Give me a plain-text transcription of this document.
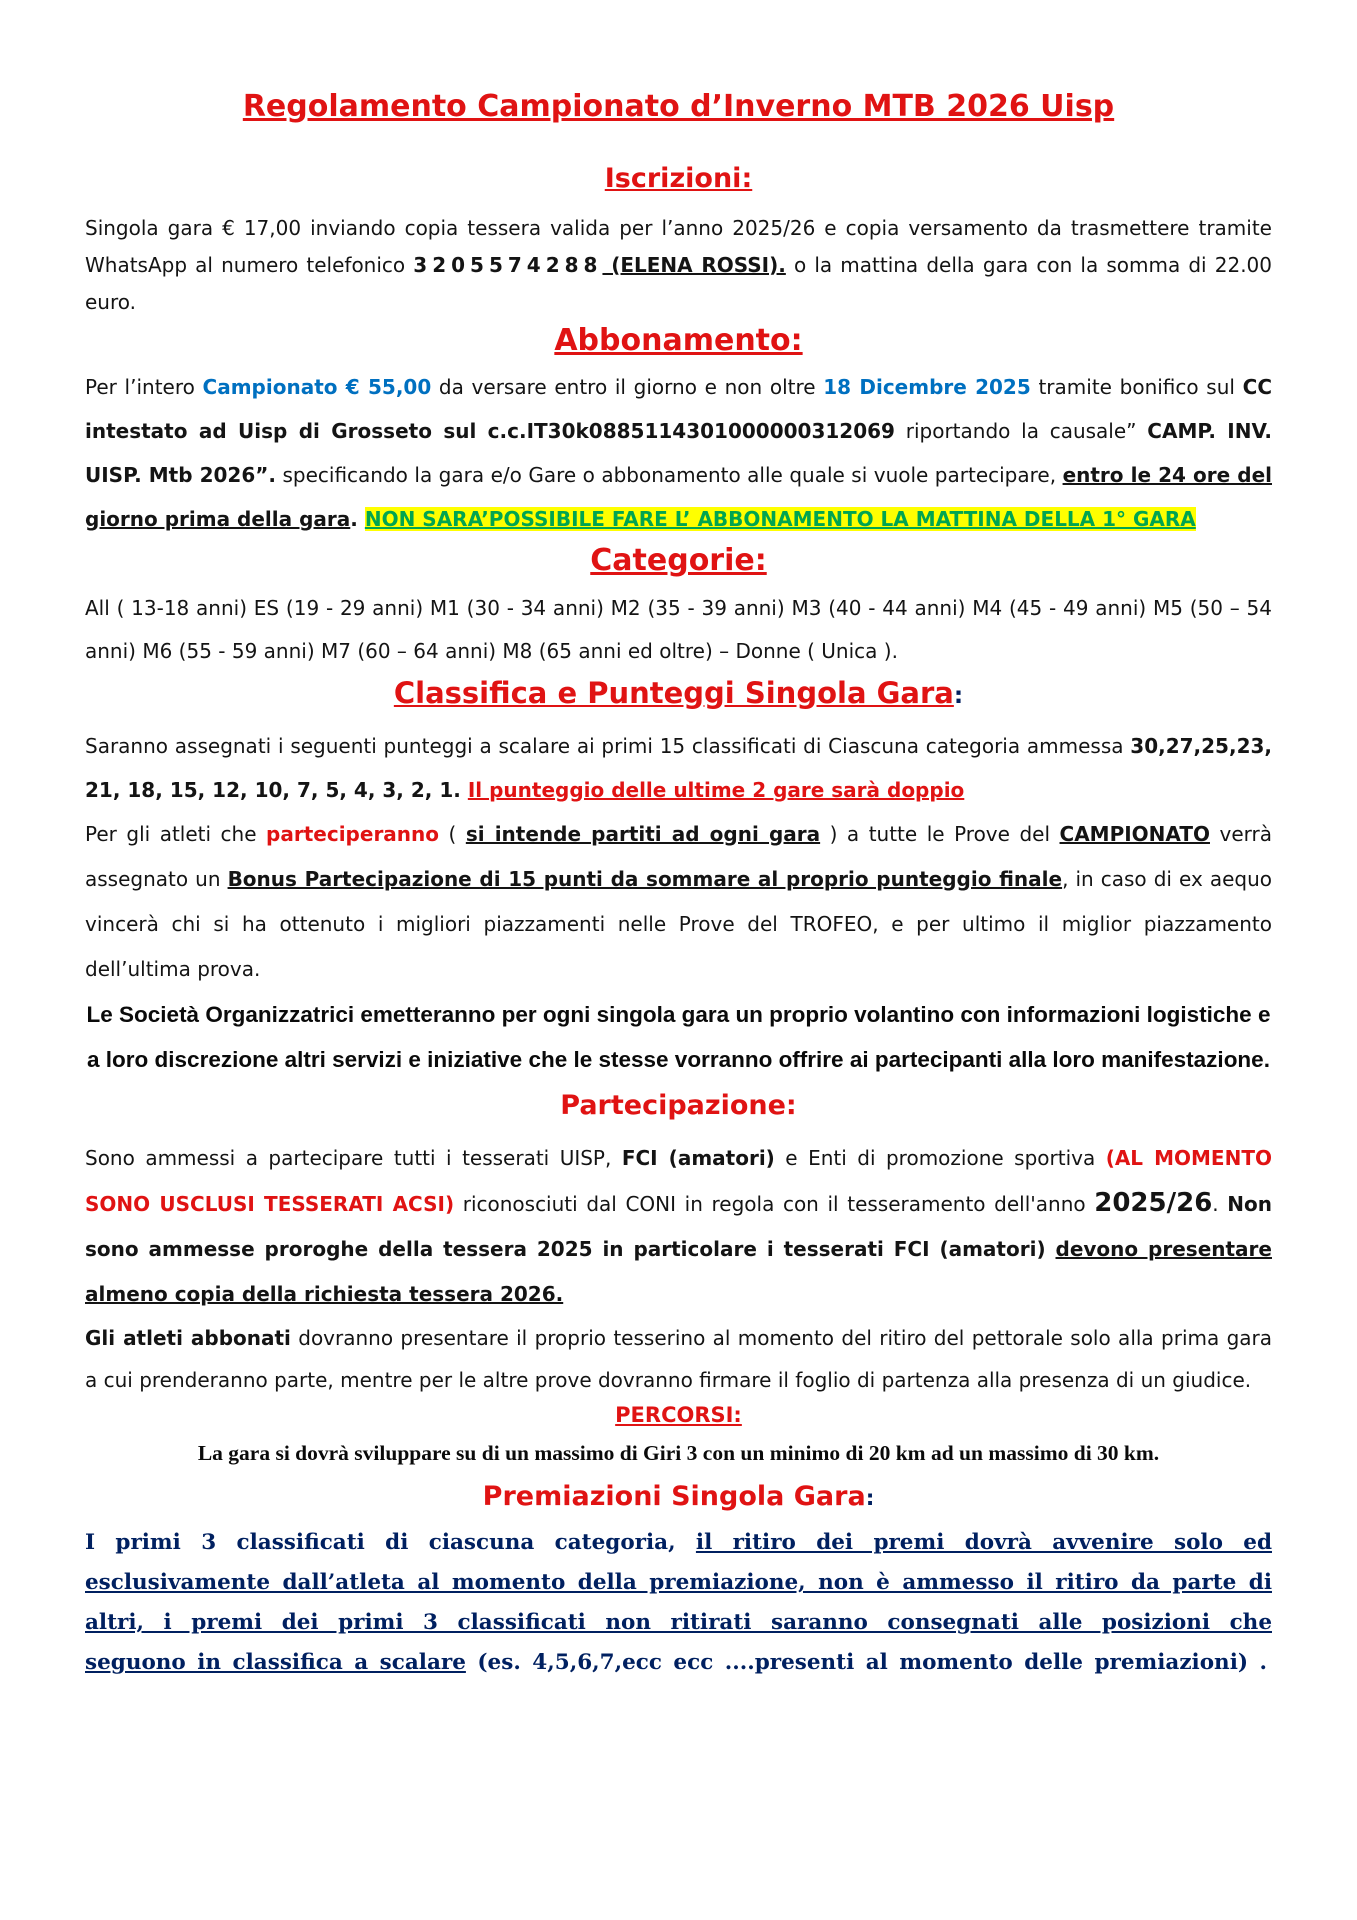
Regolamento Campionato d’Inverno MTB 2026 Uisp
Iscrizioni:

Singola gara € 17,00 inviando copia tessera valida per l’anno 2025/26 e copia versamento da trasmettere tramite WhatsApp al numero telefonico 3205574288 (ELENA ROSSI). o la mattina della gara con la somma di 22.00 euro.

Abbonamento:

Per l’intero Campionato € 55,00 da versare entro il giorno e non oltre 18 Dicembre 2025 tramite bonifico sul CC intestato ad Uisp di Grosseto sul c.c.IT30k0885114301000000312069 riportando la causale” CAMP. INV. UISP. Mtb 2026”. specificando la gara e/o Gare o abbonamento alle quale si vuole partecipare, entro le 24 ore del giorno prima della gara. NON SARA’POSSIBILE FARE L’ ABBONAMENTO LA MATTINA DELLA 1° GARA

Categorie:

All ( 13-18 anni) ES (19 - 29 anni) M1 (30 - 34 anni) M2 (35 - 39 anni) M3 (40 - 44 anni) M4 (45 - 49 anni) M5 (50 – 54 anni) M6 (55 - 59 anni) M7 (60 – 64 anni) M8 (65 anni ed oltre) – Donne ( Unica ).

Classifica e Punteggi Singola Gara:

Saranno assegnati i seguenti punteggi a scalare ai primi 15 classificati di Ciascuna categoria ammessa 30,27,25,23, 21, 18, 15, 12, 10, 7, 5, 4, 3, 2, 1. Il punteggio delle ultime 2 gare sarà doppio

Per gli atleti che parteciperanno ( si intende partiti ad ogni gara ) a tutte le Prove del CAMPIONATO verrà assegnato un Bonus Partecipazione di 15 punti da sommare al proprio punteggio finale, in caso di ex aequo vincerà chi si ha ottenuto i migliori piazzamenti nelle Prove del TROFEO, e per ultimo il miglior piazzamento dell’ultima prova.

Le Società Organizzatrici emetteranno per ogni singola gara un proprio volantino con informazioni logistiche e a loro discrezione altri servizi e iniziative che le stesse vorranno offrire ai partecipanti alla loro manifestazione.

Partecipazione:

Sono ammessi a partecipare tutti i tesserati UISP, FCI (amatori) e Enti di promozione sportiva (AL MOMENTO SONO USCLUSI TESSERATI ACSI) riconosciuti dal CONI in regola con il tesseramento dell'anno 2025/26. Non sono ammesse proroghe della tessera 2025 in particolare i tesserati FCI (amatori) devono presentare almeno copia della richiesta tessera 2026.

Gli atleti abbonati dovranno presentare il proprio tesserino al momento del ritiro del pettorale solo alla prima gara a cui prenderanno parte, mentre per le altre prove dovranno firmare il foglio di partenza alla presenza di un giudice.

PERCORSI:

La gara si dovrà sviluppare su di un massimo di Giri 3 con un minimo di 20 km ad un massimo di 30 km.

Premiazioni Singola Gara:

I primi 3 classificati di ciascuna categoria, il ritiro dei premi dovrà avvenire solo ed esclusivamente dall’atleta al momento della premiazione, non è ammesso il ritiro da parte di altri, i premi dei primi 3 classificati non ritirati saranno consegnati alle posizioni che seguono in classifica a scalare (es. 4,5,6,7,ecc ecc ....presenti al momento delle premiazioni) .
